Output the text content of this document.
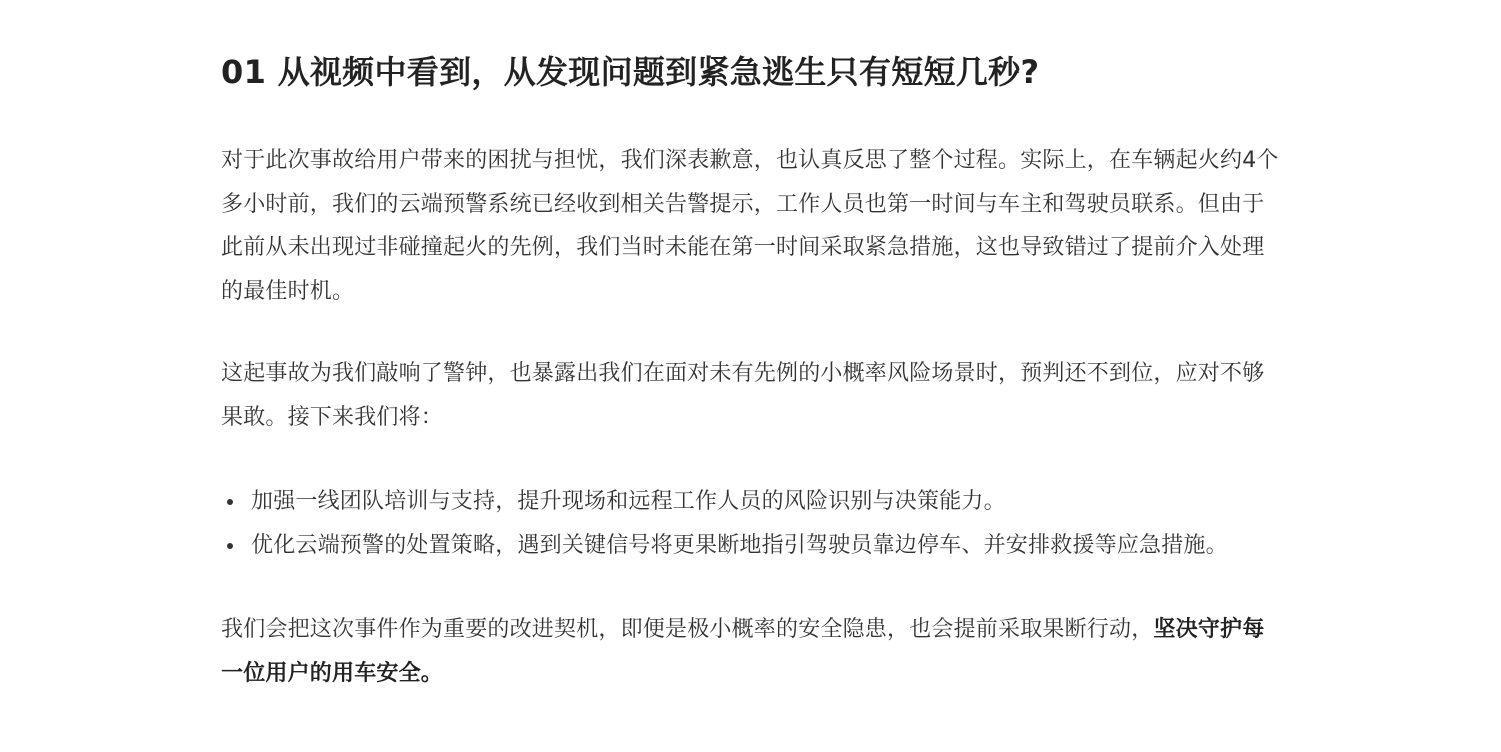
01 从视频中看到，从发现问题到紧急逃生只有短短几秒?

对于此次事故给用户带来的困扰与担忧，我们深表歉意，也认真反思了整个过程。实际上，在车辆起火约4个多小时前，我们的云端预警系统已经收到相关告警提示，工作人员也第一时间与车主和驾驶员联系。但由于此前从未出现过非碰撞起火的先例，我们当时未能在第一时间采取紧急措施，这也导致错过了提前介入处理的最佳时机。

这起事故为我们敲响了警钟，也暴露出我们在面对未有先例的小概率风险场景时，预判还不到位，应对不够果敢。接下来我们将：

加强一线团队培训与支持，提升现场和远程工作人员的风险识别与决策能力。
优化云端预警的处置策略，遇到关键信号将更果断地指引驾驶员靠边停车、并安排救援等应急措施。

我们会把这次事件作为重要的改进契机，即便是极小概率的安全隐患，也会提前采取果断行动，坚决守护每一位用户的用车安全。
